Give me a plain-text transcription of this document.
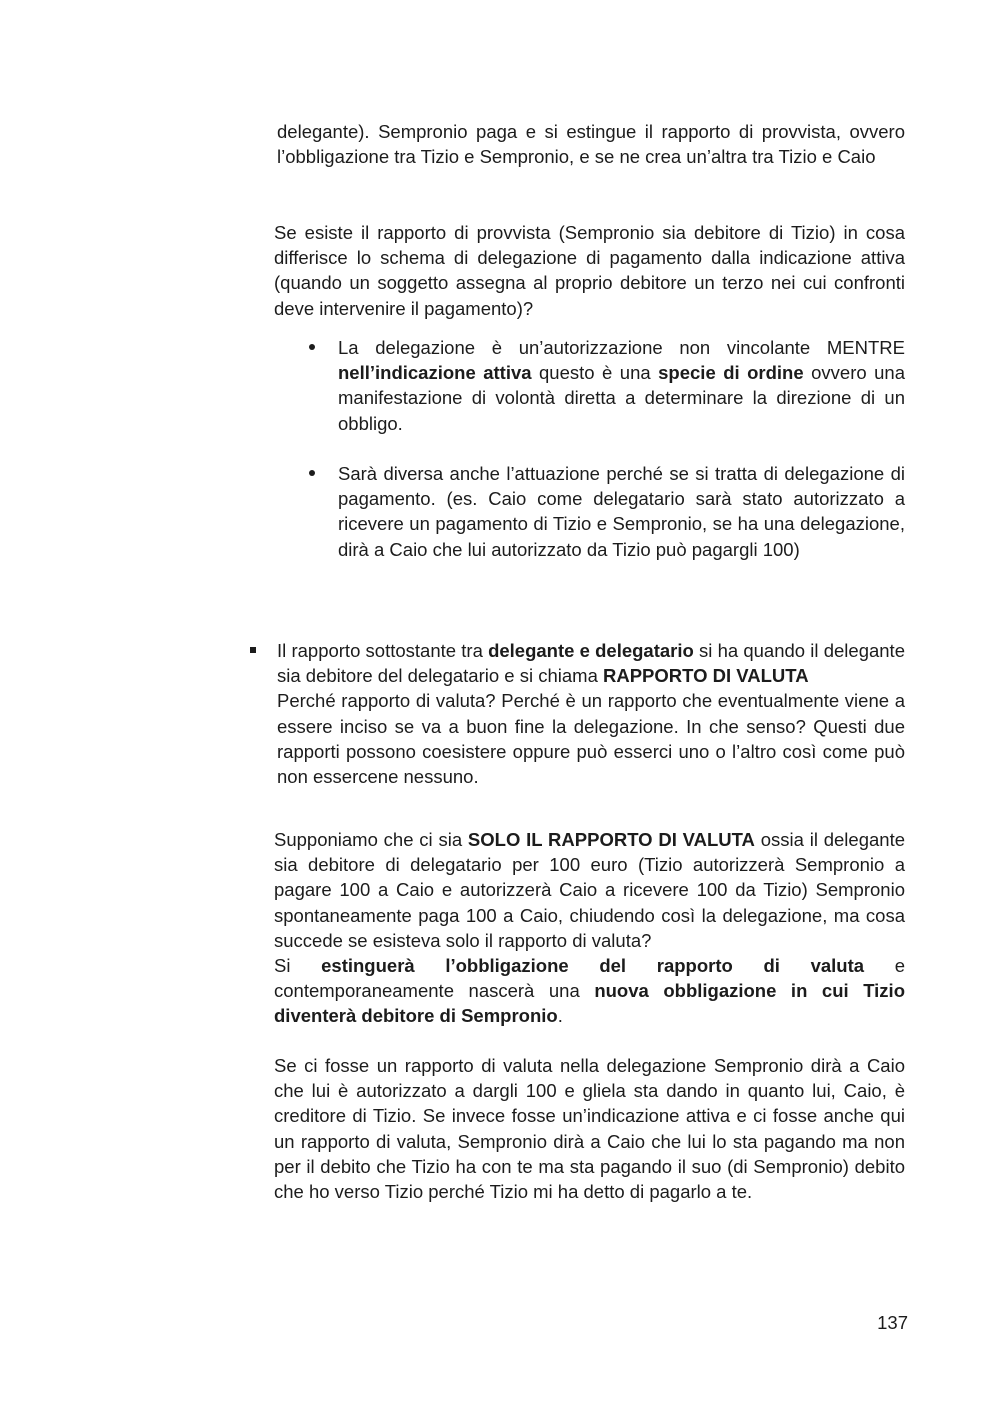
delegante). Sempronio paga e si estingue il rapporto di provvista, ovvero l’obbligazione tra Tizio e Sempronio, e se ne crea un’altra tra Tizio e Caio

Se esiste il rapporto di provvista (Sempronio sia debitore di Tizio) in cosa differisce lo schema di delegazione di pagamento dalla indicazione attiva (quando un soggetto assegna al proprio debitore un terzo nei cui confronti deve intervenire il pagamento)?

La delegazione è un’autorizzazione non vincolante MENTRE nell’indicazione attiva questo è una specie di ordine ovvero una manifestazione di volontà diretta a determinare la direzione di un obbligo.

Sarà diversa anche l’attuazione perché se si tratta di delegazione di pagamento. (es. Caio come delegatario sarà stato autorizzato a ricevere un pagamento di Tizio e Sempronio, se ha una delegazione, dirà a Caio che lui autorizzato da Tizio può pagargli 100)

Il rapporto sottostante tra delegante e delegatario si ha quando il delegante sia debitore del delegatario e si chiama RAPPORTO DI VALUTA

Perché rapporto di valuta? Perché è un rapporto che eventualmente viene a essere inciso se va a buon fine la delegazione. In che senso? Questi due rapporti possono coesistere oppure può esserci uno o l’altro così come può non essercene nessuno.

Supponiamo che ci sia SOLO IL RAPPORTO DI VALUTA ossia il delegante sia debitore di delegatario per 100 euro (Tizio autorizzerà Sempronio a pagare 100 a Caio e autorizzerà Caio a ricevere 100 da Tizio) Sempronio spontaneamente paga 100 a Caio, chiudendo così la delegazione, ma cosa succede se esisteva solo il rapporto di valuta?

Si estinguerà l’obbligazione del rapporto di valuta e contemporaneamente nascerà una nuova obbligazione in cui Tizio diventerà debitore di Sempronio.

Se ci fosse un rapporto di valuta nella delegazione Sempronio dirà a Caio che lui è autorizzato a dargli 100 e gliela sta dando in quanto lui, Caio, è creditore di Tizio. Se invece fosse un’indicazione attiva e ci fosse anche qui un rapporto di valuta, Sempronio dirà a Caio che lui lo sta pagando ma non per il debito che Tizio ha con te ma sta pagando il suo (di Sempronio) debito che ho verso Tizio perché Tizio mi ha detto di pagarlo a te.

137
